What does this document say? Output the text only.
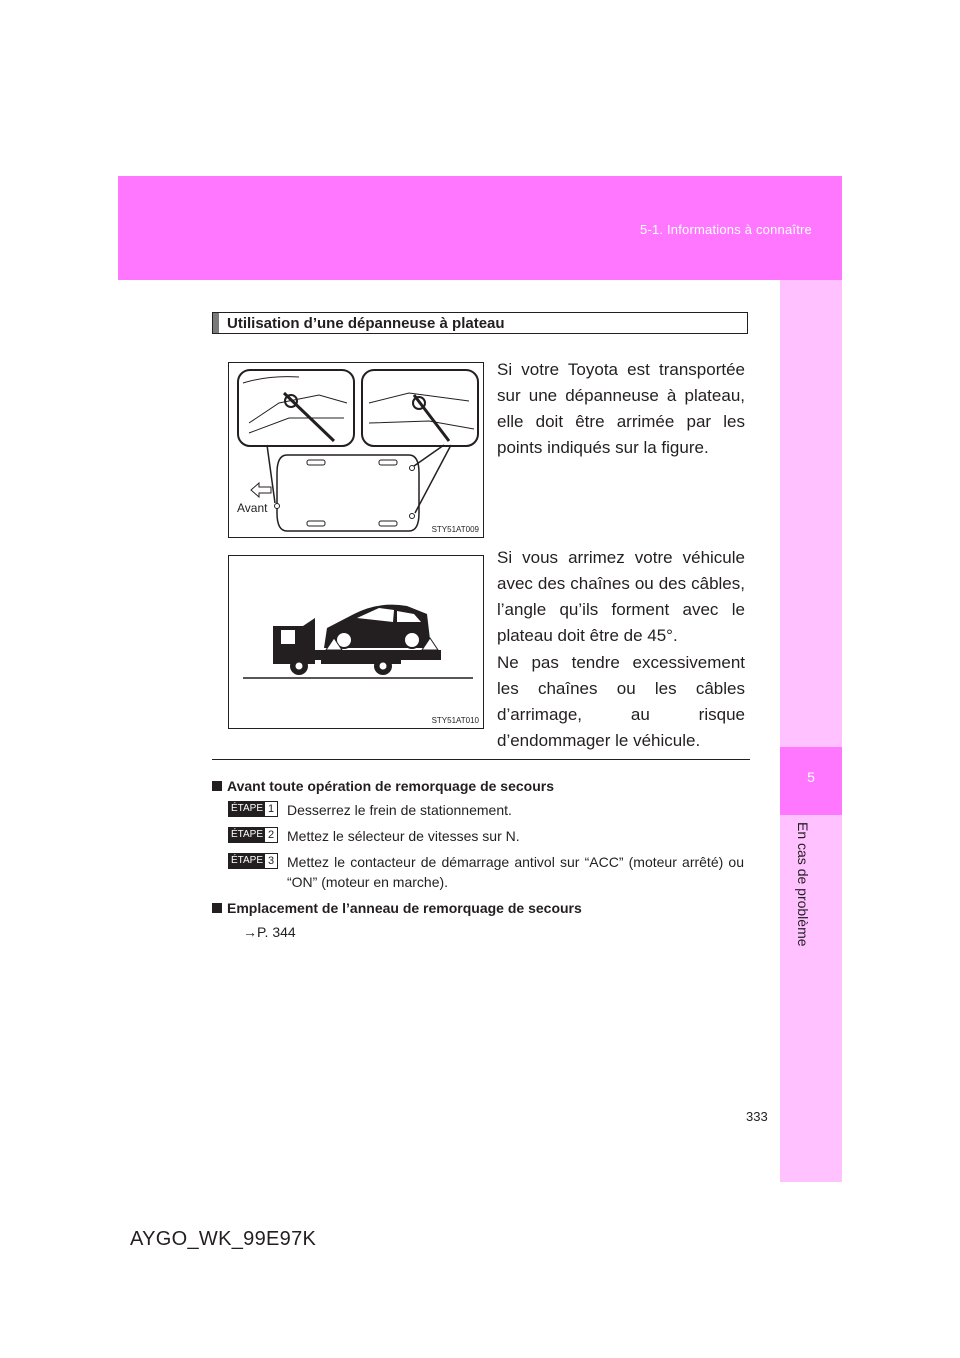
5-1. Informations à connaître
5
En cas de problème
Utilisation d’une dépanneuse à plateau
Avant
STY51AT009
STY51AT010
Si votre Toyota est transportée sur une dépanneuse à plateau, elle doit être arrimée par les points indiqués sur la figure.
Si vous arrimez votre véhicule avec des chaînes ou des câbles, l’angle qu’ils forment avec le plateau doit être de 45°.
Ne pas tendre excessivement les chaînes ou les câbles d’arrimage, au risque d’endommager le véhicule.
Avant toute opération de remorquage de secours
ÉTAPE 1 Desserrez le frein de stationnement.
ÉTAPE 2 Mettez le sélecteur de vitesses sur N.
ÉTAPE 3 Mettez le contacteur de démarrage antivol sur “ACC” (moteur arrêté) ou “ON” (moteur en marche).
Emplacement de l’anneau de remorquage de secours
→P. 344
333
AYGO_WK_99E97K
